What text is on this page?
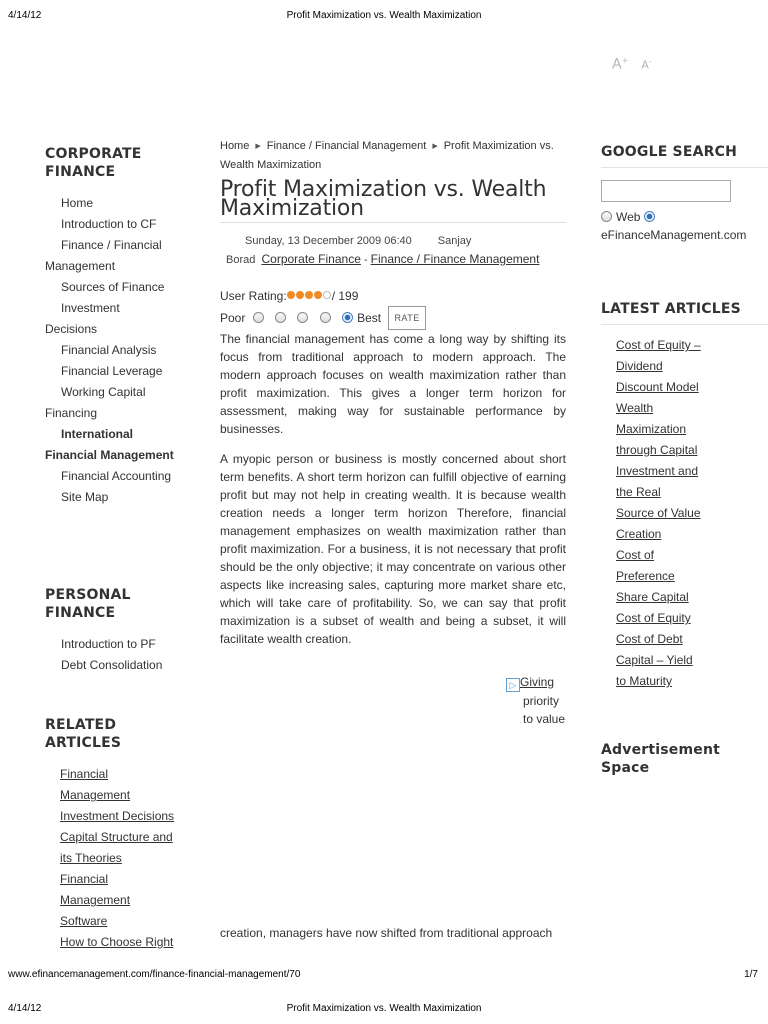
4/14/12	Profit Maximization vs. Wealth Maximization
A+ A-
CORPORATE FINANCE
Home
Introduction to CF
Finance / Financial
Management
Sources of Finance
Investment
Decisions
Financial Analysis
Financial Leverage
Working Capital
Financing
International
Financial Management
Financial Accounting
Site Map
PERSONAL FINANCE
Introduction to PF
Debt Consolidation
RELATED ARTICLES
Financial
Management
Investment Decisions
Capital Structure and
its Theories
Financial
Management
Software
How to Choose Right
Home ▶ Finance / Financial Management ▶ Profit Maximization vs.
Wealth Maximization
Profit Maximization vs. Wealth Maximization
Sunday, 13 December 2009 06:40 Sanjay
Borad Corporate Finance - Finance / Finance Management
User Rating:	/ 199
Poor	Best RATE

The financial management has come a long way by shifting its focus from traditional approach to modern approach. The modern approach focuses on wealth maximization rather than profit maximization. This gives a longer term horizon for assessment, making way for sustainable performance by businesses.

A myopic person or business is mostly concerned about short term benefits. A short term horizon can fulfill objective of earning profit but may not help in creating wealth. It is because wealth creation needs a longer term horizon Therefore, financial management emphasizes on wealth maximization rather than profit maximization. For a business, it is not necessary that profit should be the only objective; it may concentrate on various other aspects like increasing sales, capturing more market share etc, which will take care of profitability. So, we can say that profit maximization is a subset of wealth and being a subset, it will facilitate wealth creation.

▷ Giving
priority
to value
creation, managers have now shifted from traditional approach
GOOGLE SEARCH
Web
eFinanceManagement.com
LATEST ARTICLES
Cost of Equity –
Dividend
Discount Model
Wealth
Maximization
through Capital
Investment and
the Real
Source of Value
Creation
Cost of
Preference
Share Capital
Cost of Equity
Cost of Debt
Capital – Yield
to Maturity
Advertisement Space
www.efinancemanagement.com/finance-financial-management/70	1/7
4/14/12	Profit Maximization vs. Wealth Maximization
